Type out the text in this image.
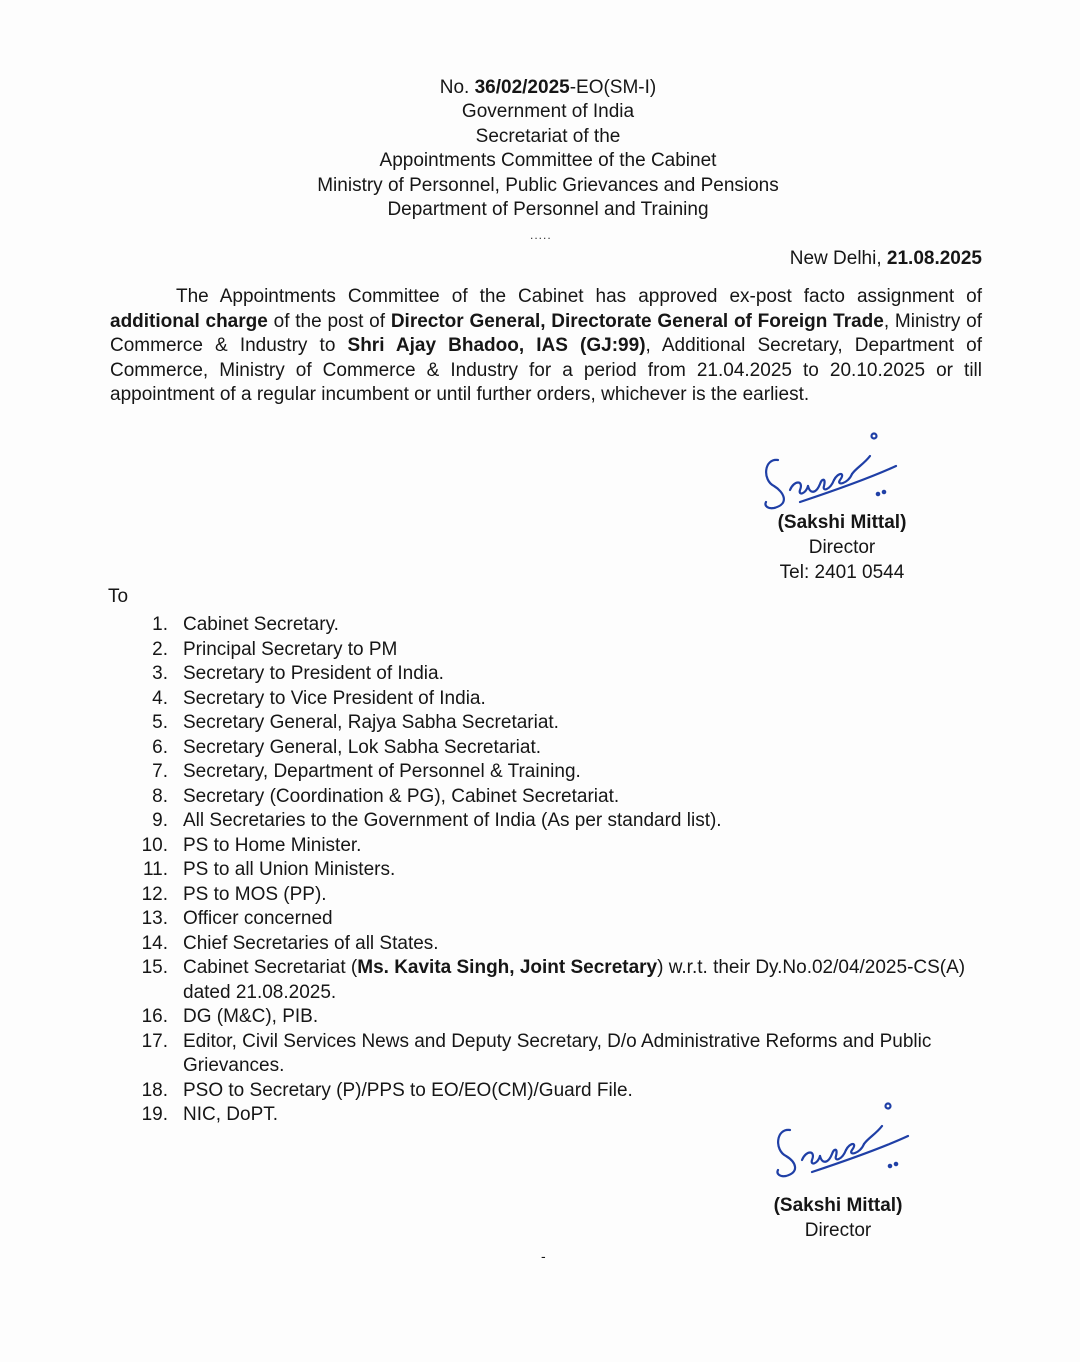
No. 36/02/2025-EO(SM-I)
Government of India
Secretariat of the
Appointments Committee of the Cabinet
Ministry of Personnel, Public Grievances and Pensions
Department of Personnel and Training
.....
New Delhi, 21.08.2025
The Appointments Committee of the Cabinet has approved ex-post facto assignment of additional charge of the post of Director General, Directorate General of Foreign Trade, Ministry of Commerce & Industry to Shri Ajay Bhadoo, IAS (GJ:99), Additional Secretary, Department of Commerce, Ministry of Commerce & Industry for a period from 21.04.2025 to 20.10.2025 or till appointment of a regular incumbent or until further orders, whichever is the earliest.
(Sakshi Mittal)
Director
Tel: 2401 0544
To
1. Cabinet Secretary.
2. Principal Secretary to PM
3. Secretary to President of India.
4. Secretary to Vice President of India.
5. Secretary General, Rajya Sabha Secretariat.
6. Secretary General, Lok Sabha Secretariat.
7. Secretary, Department of Personnel & Training.
8. Secretary (Coordination & PG), Cabinet Secretariat.
9. All Secretaries to the Government of India (As per standard list).
10. PS to Home Minister.
11. PS to all Union Ministers.
12. PS to MOS (PP).
13. Officer concerned
14. Chief Secretaries of all States.
15. Cabinet Secretariat (Ms. Kavita Singh, Joint Secretary) w.r.t. their Dy.No.02/04/2025-CS(A) dated 21.08.2025.
16. DG (M&C), PIB.
17. Editor, Civil Services News and Deputy Secretary, D/o Administrative Reforms and Public Grievances.
18. PSO to Secretary (P)/PPS to EO/EO(CM)/Guard File.
19. NIC, DoPT.
(Sakshi Mittal)
Director
-
